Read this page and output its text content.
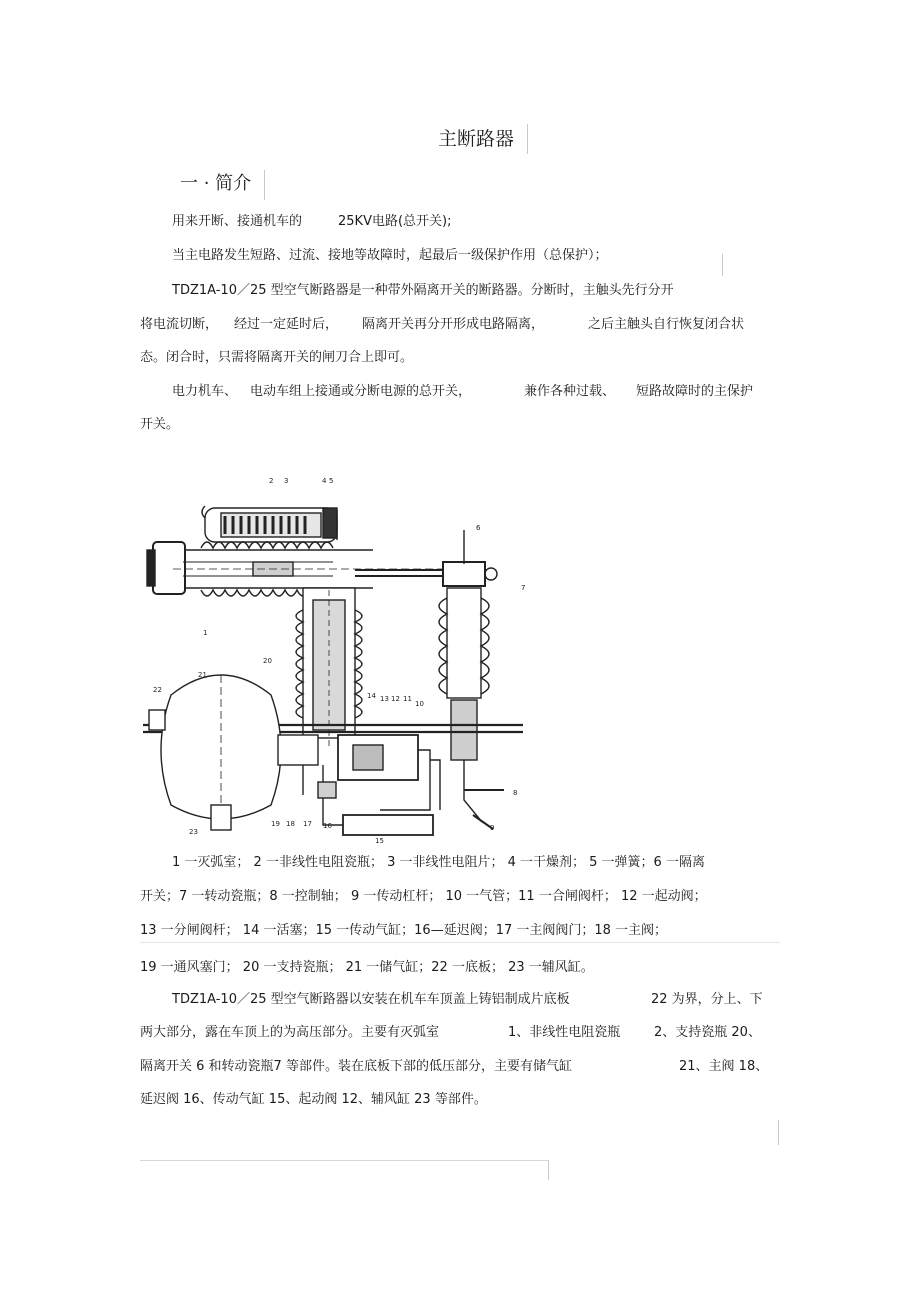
主断路器
一 · 简介
用来开断、接通机车的	25KV电路(总开关);
当主电路发生短路、过流、接地等故障时，起最后一级保护作用（总保护）；
TDZ1A-10／25 型空气断路器是一种带外隔离开关的断路器。分断时，主触头先行分开
将电流切断， 经过一定延时后， 隔离开关再分开形成电路隔离，	之后主触头自行恢复闭合状
态。闭合时，只需将隔离开关的闸刀合上即可。
电力机车、 电动车组上接通或分断电源的总开关，	兼作各种过载、 短路故障时的主保护
开关。
2 3	4 5
6
7
1
20
21
22
14 13 12 11
10
8
9
23
19 18 17 16
15
1 一灭弧室； 2 一非线性电阻瓷瓶； 3 一非线性电阻片； 4 一干燥剂； 5 一弹簧；6 一隔离
开关；7 一转动瓷瓶；8 一控制轴； 9 一传动杠杆； 10 一气管；11 一合闸阀杆； 12 一起动阀；
13 一分闸阀杆； 14 一活塞；15 一传动气缸；16—延迟阀；17 一主阀阀门；18 一主阀；
19 一通风塞门； 20 一支持瓷瓶； 21 一储气缸；22 一底板； 23 一辅风缸。
TDZ1A-10／25 型空气断路器以安装在机车车顶盖上铸铝制成片底板	22 为界，分上、下
两大部分，露在车顶上的为高压部分。主要有灭弧室	1、非线性电阻瓷瓶	2、支持瓷瓶 20、
隔离开关 6 和转动瓷瓶7 等部件。装在底板下部的低压部分，主要有储气缸	21、主阀 18、
延迟阀 16、传动气缸 15、起动阀 12、辅风缸 23 等部件。
